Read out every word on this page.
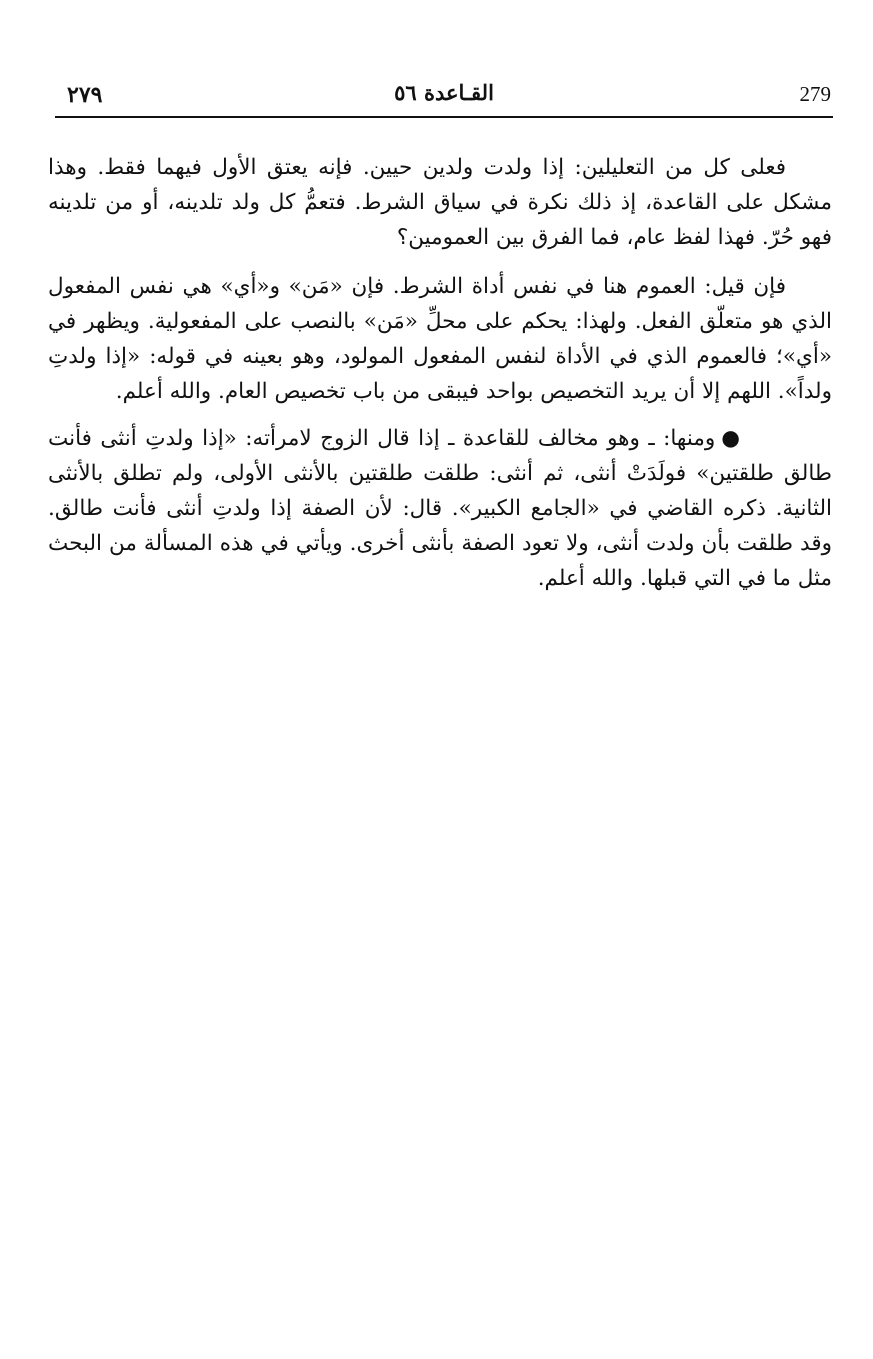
٢٧٩	القـاعدة ٥٦	279

فعلى كل من التعليلين: إذا ولدت ولدين حيين. فإنه يعتق الأول فيهما فقط. وهذا مشكل على القاعدة، إذ ذلك نكرة في سياق الشرط. فتعمُّ كل ولد تلدينه، أو من تلدينه فهو حُرّ. فهذا لفظ عام، فما الفرق بين العمومين؟

فإن قيل: العموم هنا في نفس أداة الشرط. فإن «مَن» و«أي» هي نفس المفعول الذي هو متعلّق الفعل. ولهذا: يحكم على محلِّ «مَن» بالنصب على المفعولية. ويظهر في «أي»؛ فالعموم الذي في الأداة لنفس المفعول المولود، وهو بعينه في قوله: «إذا ولدتِ ولداً». اللهم إلا أن يريد التخصيص بواحد فيبقى من باب تخصيص العام. والله أعلم.

●ومنها: ـ وهو مخالف للقاعدة ـ إذا قال الزوج لامرأته: «إذا ولدتِ أنثى فأنت طالق طلقتين» فولَدَتْ أنثى، ثم أنثى: طلقت طلقتين بالأنثى الأولى، ولم تطلق بالأنثى الثانية. ذكره القاضي في «الجامع الكبير». قال: لأن الصفة إذا ولدتِ أنثى فأنت طالق. وقد طلقت بأن ولدت أنثى، ولا تعود الصفة بأنثى أخرى. ويأتي في هذه المسألة من البحث مثل ما في التي قبلها. والله أعلم.
